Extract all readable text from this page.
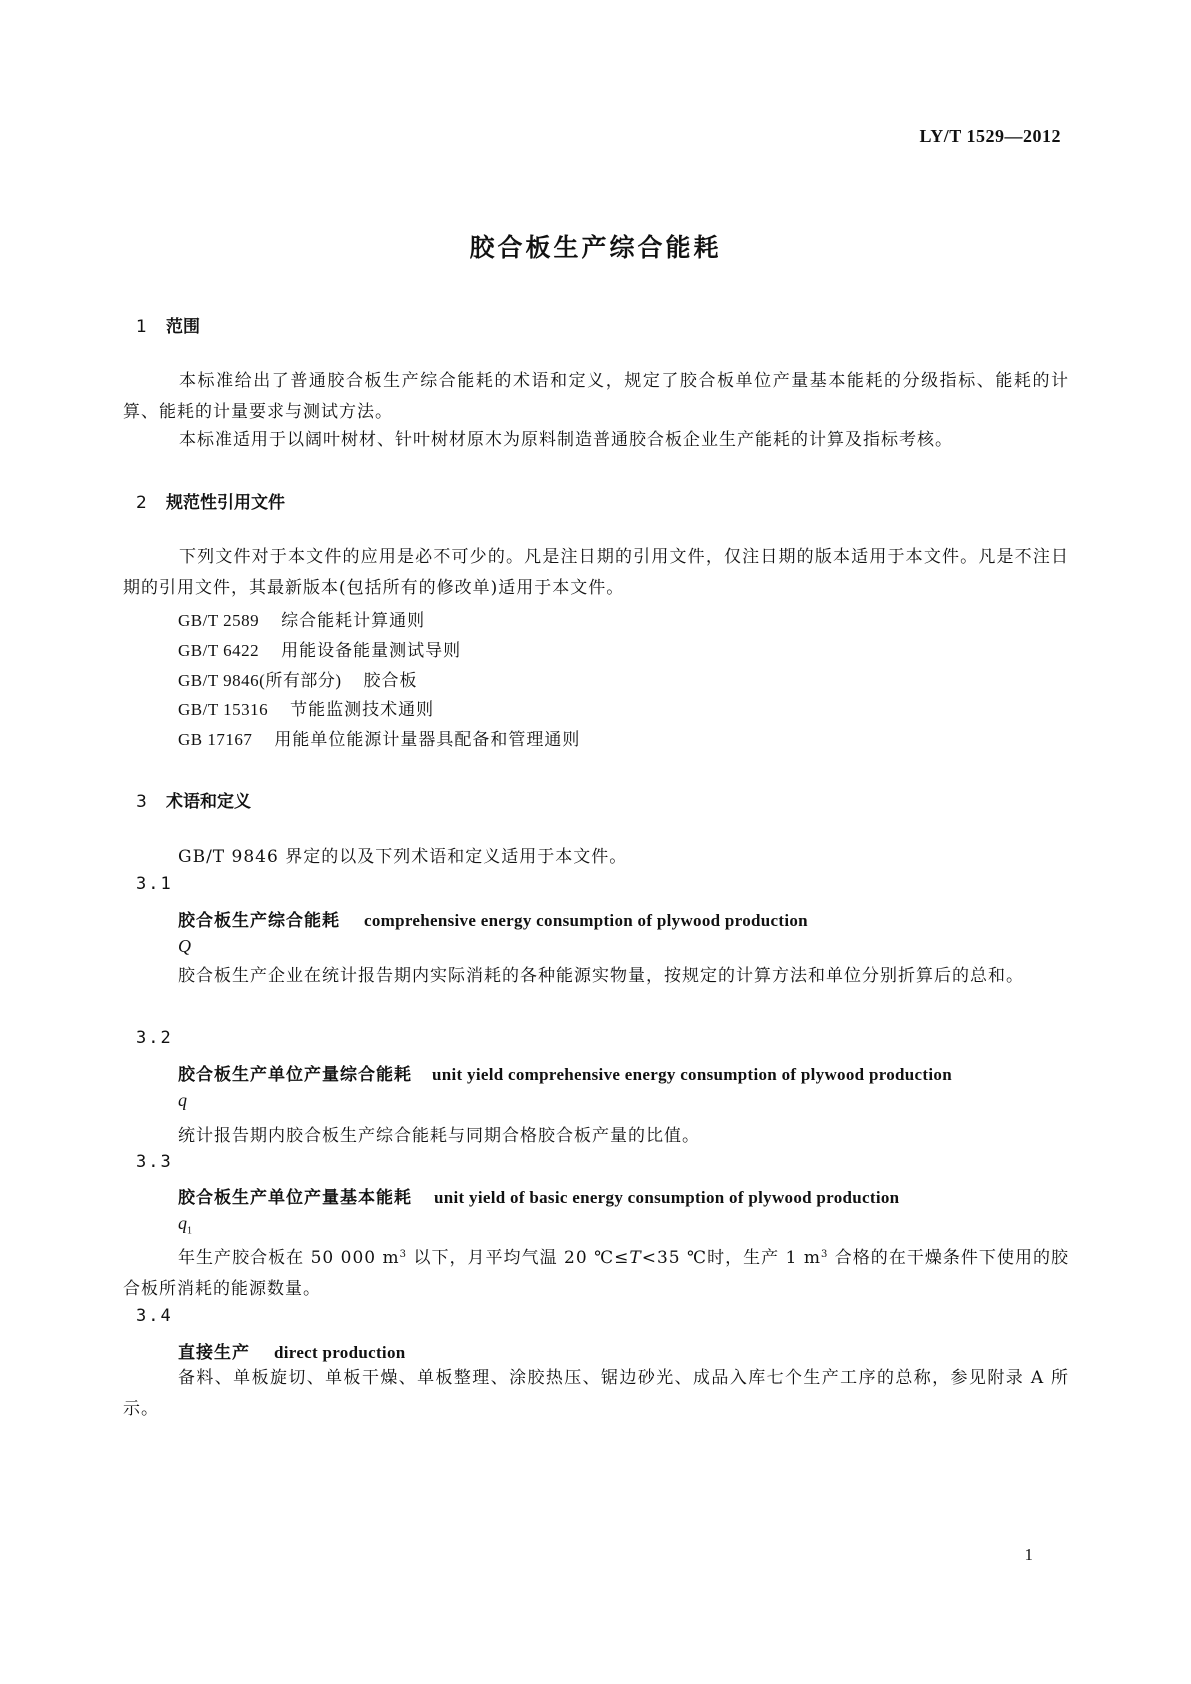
LY/T 1529—2012
胶合板生产综合能耗
1 范围
本标准给出了普通胶合板生产综合能耗的术语和定义，规定了胶合板单位产量基本能耗的分级指标、能耗的计算、能耗的计量要求与测试方法。
本标准适用于以阔叶树材、针叶树材原木为原料制造普通胶合板企业生产能耗的计算及指标考核。
2 规范性引用文件
下列文件对于本文件的应用是必不可少的。凡是注日期的引用文件，仅注日期的版本适用于本文件。凡是不注日期的引用文件，其最新版本(包括所有的修改单)适用于本文件。
GB/T 2589 综合能耗计算通则
GB/T 6422 用能设备能量测试导则
GB/T 9846(所有部分) 胶合板
GB/T 15316 节能监测技术通则
GB 17167 用能单位能源计量器具配备和管理通则
3 术语和定义
GB/T 9846 界定的以及下列术语和定义适用于本文件。
3.1
胶合板生产综合能耗 comprehensive energy consumption of plywood production
Q
胶合板生产企业在统计报告期内实际消耗的各种能源实物量，按规定的计算方法和单位分别折算后的总和。
3.2
胶合板生产单位产量综合能耗 unit yield comprehensive energy consumption of plywood production
q
统计报告期内胶合板生产综合能耗与同期合格胶合板产量的比值。
3.3
胶合板生产单位产量基本能耗 unit yield of basic energy consumption of plywood production
$q_1$
年生产胶合板在 50 000 $m^3$ 以下，月平均气温 20 ℃≤T<35 ℃时，生产 1 $m^3$ 合格的在干燥条件下使用的胶合板所消耗的能源数量。
3.4
直接生产 direct production
备料、单板旋切、单板干燥、单板整理、涂胶热压、锯边砂光、成品入库七个生产工序的总称，参见附录 A 所示。
1
